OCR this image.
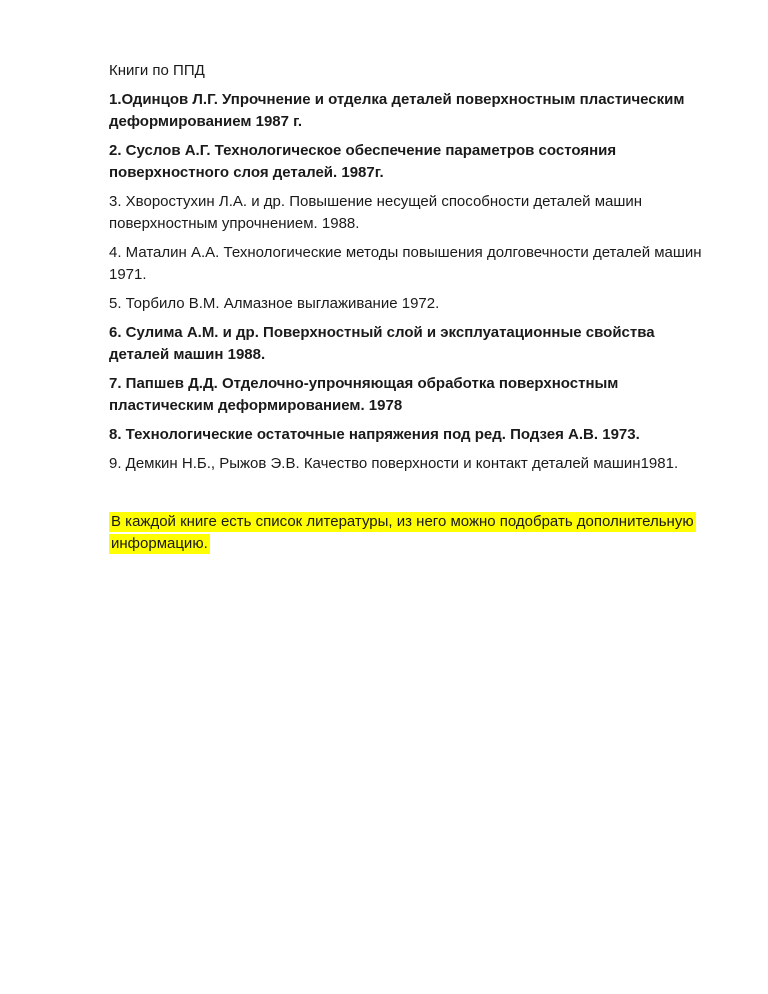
Книги по ППД

1.Одинцов Л.Г. Упрочнение и отделка деталей поверхностным пластическим деформированием 1987 г.

2. Суслов А.Г. Технологическое обеспечение параметров состояния поверхностного слоя деталей. 1987г.

3. Хворостухин Л.А. и др. Повышение несущей способности деталей машин поверхностным упрочнением. 1988.

4. Маталин А.А. Технологические методы повышения долговечности деталей машин 1971.

5. Торбило В.М. Алмазное выглаживание 1972.

6. Сулима А.М. и др. Поверхностный слой и эксплуатационные свойства деталей машин 1988.

7. Папшев Д.Д. Отделочно-упрочняющая обработка поверхностным пластическим деформированием. 1978

8. Технологические остаточные напряжения под ред. Подзея А.В. 1973.

9. Демкин Н.Б., Рыжов Э.В. Качество поверхности и контакт деталей машин1981.

В каждой книге есть список литературы, из него можно подобрать дополнительную информацию.
